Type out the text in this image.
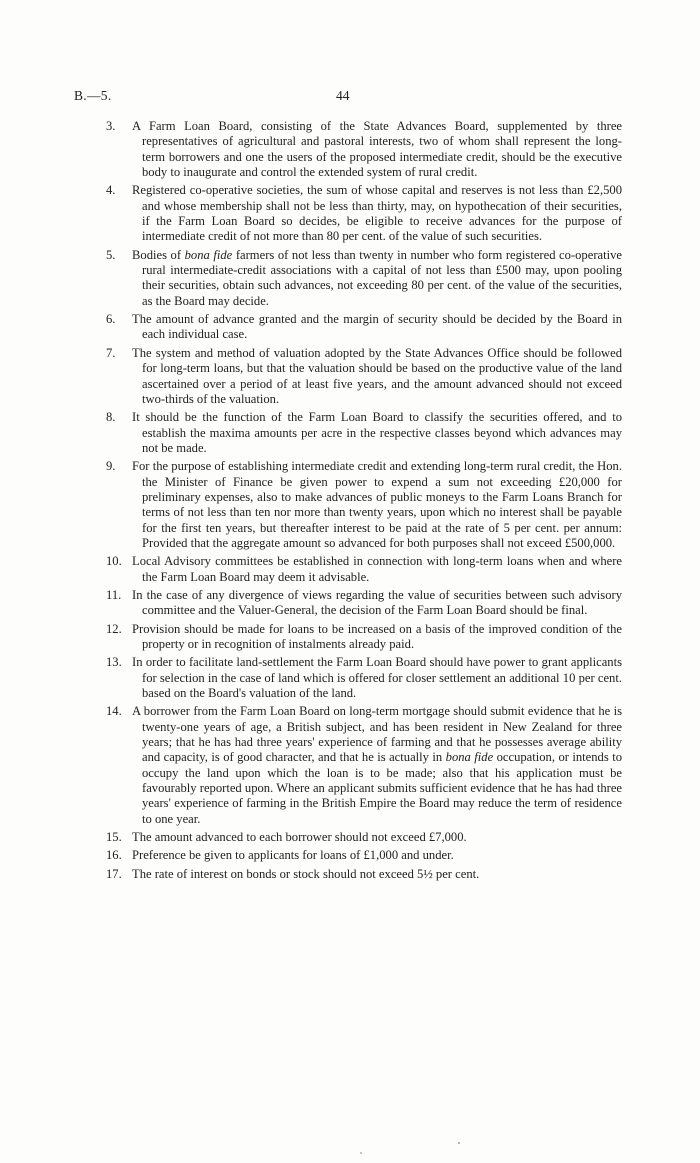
B.—5.	44
3. A Farm Loan Board, consisting of the State Advances Board, supplemented by three representatives of agricultural and pastoral interests, two of whom shall represent the long-term borrowers and one the users of the proposed intermediate credit, should be the executive body to inaugurate and control the extended system of rural credit.
4. Registered co-operative societies, the sum of whose capital and reserves is not less than £2,500 and whose membership shall not be less than thirty, may, on hypothecation of their securities, if the Farm Loan Board so decides, be eligible to receive advances for the purpose of intermediate credit of not more than 80 per cent. of the value of such securities.
5. Bodies of bona fide farmers of not less than twenty in number who form registered co-operative rural intermediate-credit associations with a capital of not less than £500 may, upon pooling their securities, obtain such advances, not exceeding 80 per cent. of the value of the securities, as the Board may decide.
6. The amount of advance granted and the margin of security should be decided by the Board in each individual case.
7. The system and method of valuation adopted by the State Advances Office should be followed for long-term loans, but that the valuation should be based on the productive value of the land ascertained over a period of at least five years, and the amount advanced should not exceed two-thirds of the valuation.
8. It should be the function of the Farm Loan Board to classify the securities offered, and to establish the maxima amounts per acre in the respective classes beyond which advances may not be made.
9. For the purpose of establishing intermediate credit and extending long-term rural credit, the Hon. the Minister of Finance be given power to expend a sum not exceeding £20,000 for preliminary expenses, also to make advances of public moneys to the Farm Loans Branch for terms of not less than ten nor more than twenty years, upon which no interest shall be payable for the first ten years, but thereafter interest to be paid at the rate of 5 per cent. per annum: Provided that the aggregate amount so advanced for both purposes shall not exceed £500,000.
10. Local Advisory committees be established in connection with long-term loans when and where the Farm Loan Board may deem it advisable.
11. In the case of any divergence of views regarding the value of securities between such advisory committee and the Valuer-General, the decision of the Farm Loan Board should be final.
12. Provision should be made for loans to be increased on a basis of the improved condition of the property or in recognition of instalments already paid.
13. In order to facilitate land-settlement the Farm Loan Board should have power to grant applicants for selection in the case of land which is offered for closer settlement an additional 10 per cent. based on the Board's valuation of the land.
14. A borrower from the Farm Loan Board on long-term mortgage should submit evidence that he is twenty-one years of age, a British subject, and has been resident in New Zealand for three years; that he has had three years' experience of farming and that he possesses average ability and capacity, is of good character, and that he is actually in bona fide occupation, or intends to occupy the land upon which the loan is to be made; also that his application must be favourably reported upon. Where an applicant submits sufficient evidence that he has had three years' experience of farming in the British Empire the Board may reduce the term of residence to one year.
15. The amount advanced to each borrower should not exceed £7,000.
16. Preference be given to applicants for loans of £1,000 and under.
17. The rate of interest on bonds or stock should not exceed 5½ per cent.
